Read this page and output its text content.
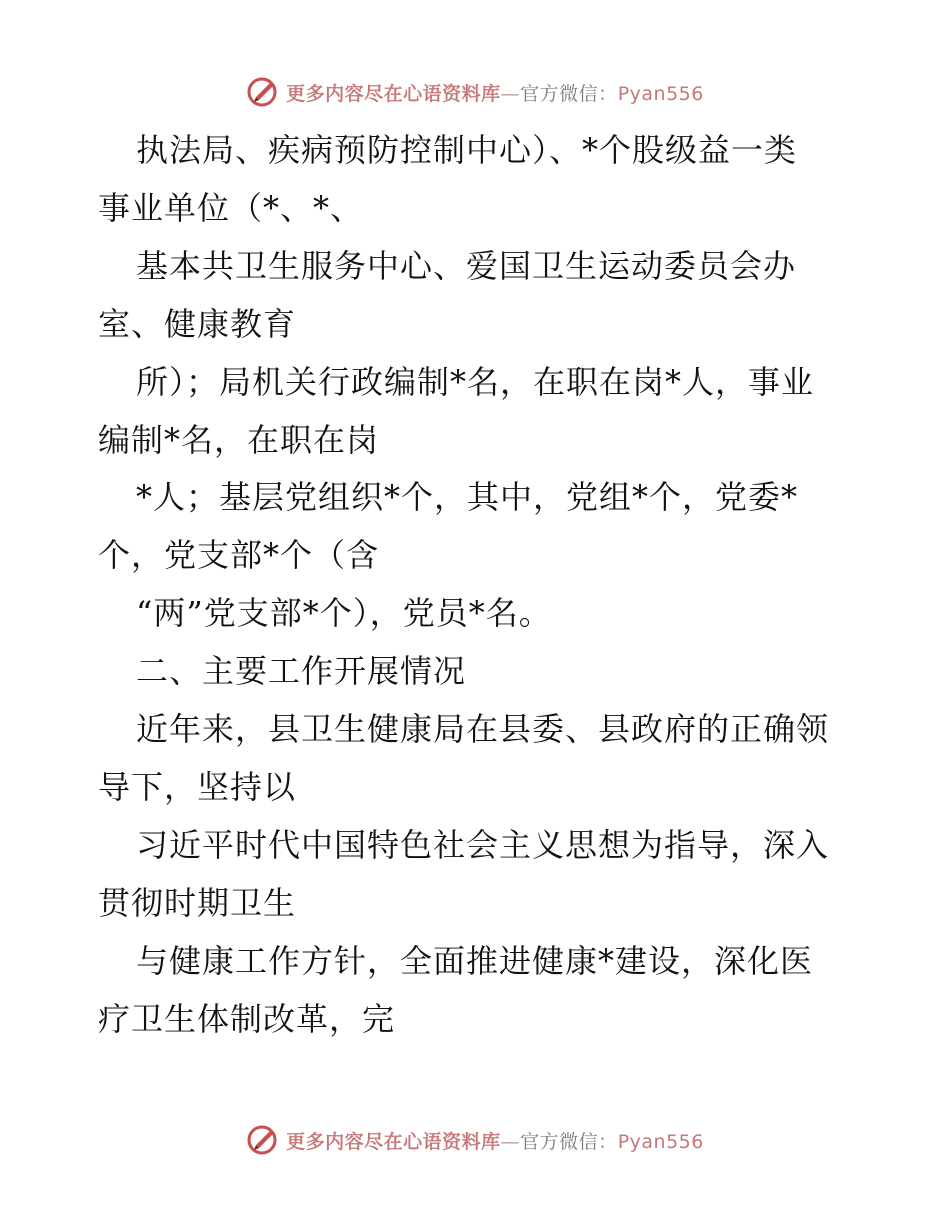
更多内容尽在心语资料库—官方微信：Pyan556
执法局、疾病预防控制中心）、*个股级益一类
事业单位（*、*、
基本共卫生服务中心、爱国卫生运动委员会办
室、健康教育
所）；局机关行政编制*名，在职在岗*人，事业
编制*名，在职在岗
*人；基层党组织*个，其中，党组*个，党委*
个，党支部*个（含
“两”党支部*个），党员*名。
二、主要工作开展情况
近年来，县卫生健康局在县委、县政府的正确领
导下，坚持以
习近平时代中国特色社会主义思想为指导，深入
贯彻时期卫生
与健康工作方针，全面推进健康*建设，深化医
疗卫生体制改革，完
更多内容尽在心语资料库—官方微信：Pyan556
